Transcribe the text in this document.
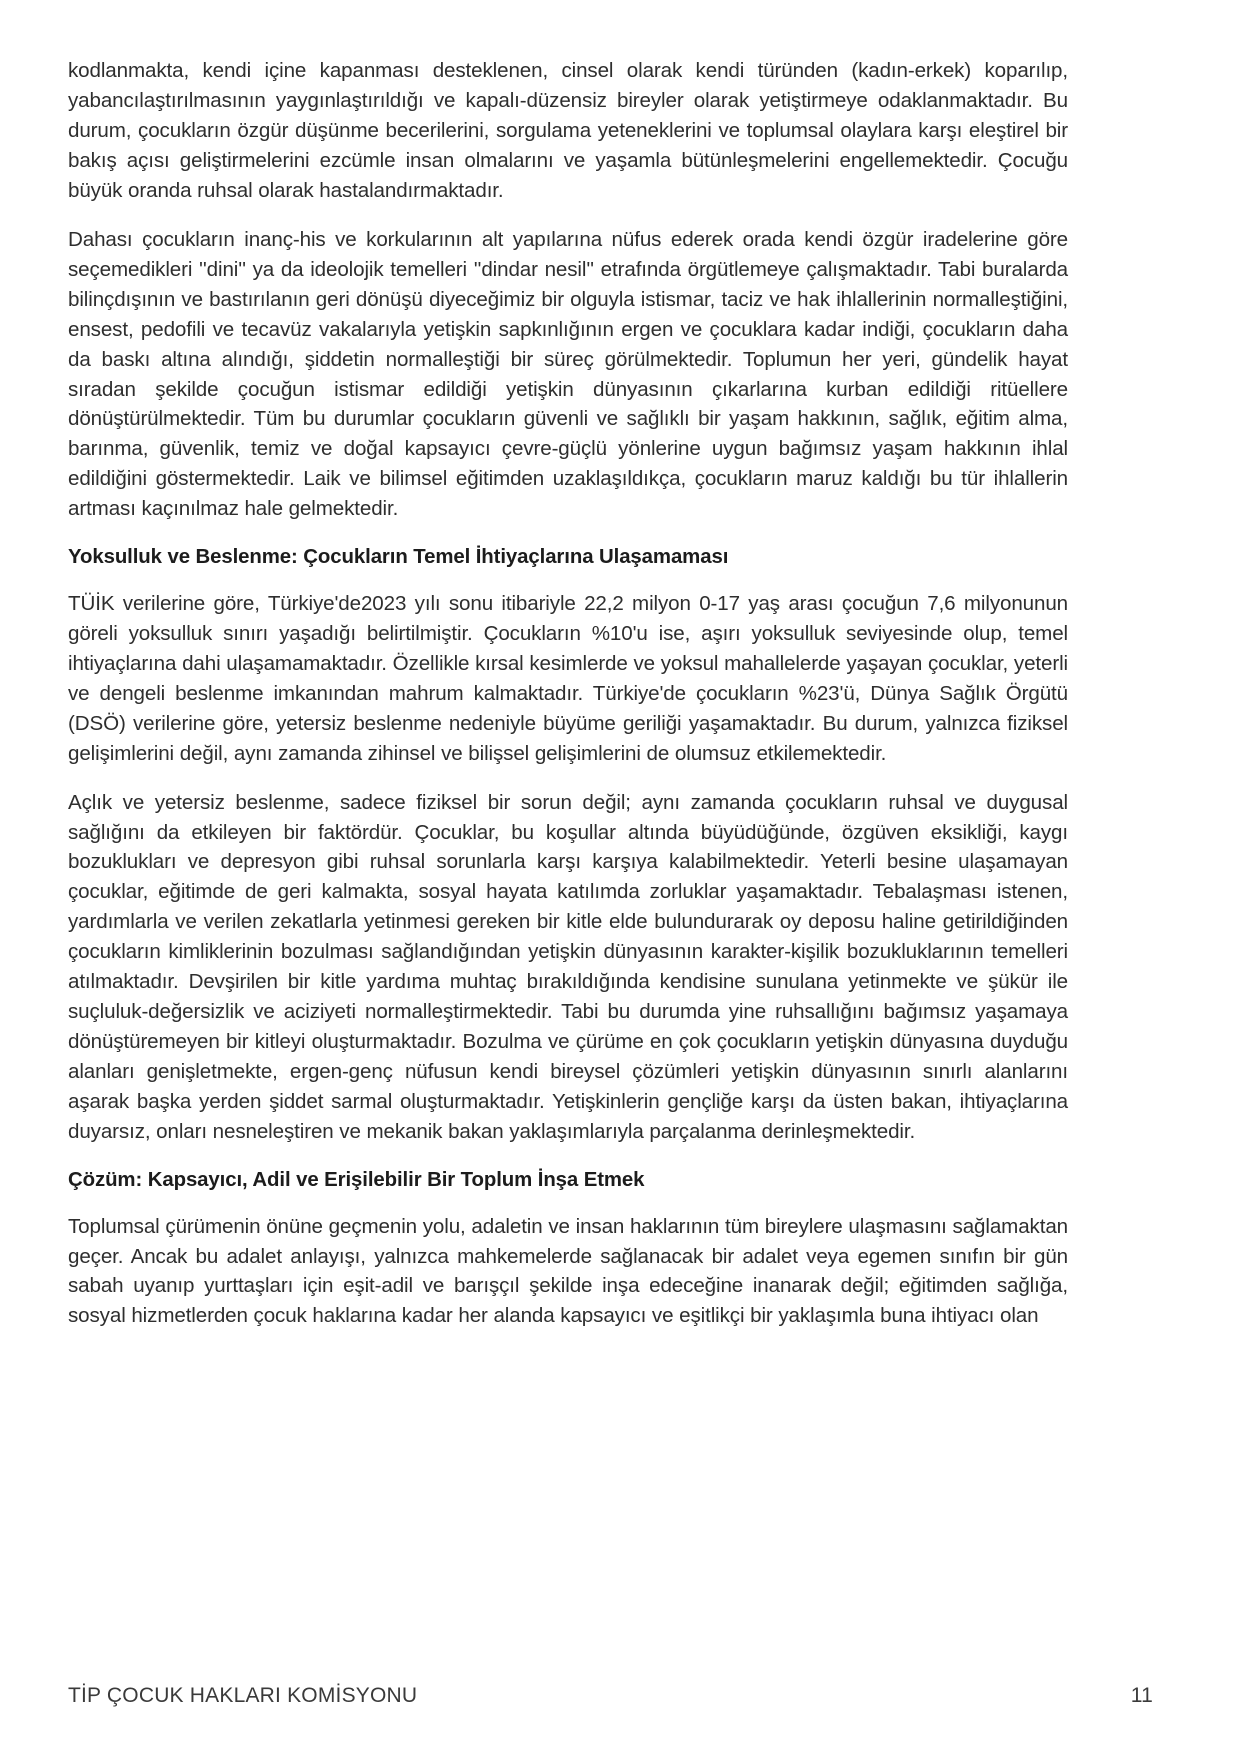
kodlanmakta, kendi içine kapanması desteklenen, cinsel olarak kendi türünden (kadın-erkek) koparılıp, yabancılaştırılmasının yaygınlaştırıldığı ve kapalı-düzensiz bireyler olarak yetiştirmeye odaklanmaktadır. Bu durum, çocukların özgür düşünme becerilerini, sorgulama yeteneklerini ve toplumsal olaylara karşı eleştirel bir bakış açısı geliştirmelerini ezcümle insan olmalarını ve yaşamla bütünleşmelerini engellemektedir. Çocuğu büyük oranda ruhsal olarak hastalandırmaktadır.

Dahası çocukların inanç-his ve korkularının alt yapılarına nüfus ederek orada kendi özgür iradelerine göre seçemedikleri ''dini'' ya da ideolojik temelleri ''dindar nesil'' etrafında örgütlemeye çalışmaktadır. Tabi buralarda bilinçdışının ve bastırılanın geri dönüşü diyeceğimiz bir olguyla istismar, taciz ve hak ihlallerinin normalleştiğini, ensest, pedofili ve tecavüz vakalarıyla yetişkin sapkınlığının ergen ve çocuklara kadar indiği, çocukların daha da baskı altına alındığı, şiddetin normalleştiği bir süreç görülmektedir. Toplumun her yeri, gündelik hayat sıradan şekilde çocuğun istismar edildiği yetişkin dünyasının çıkarlarına kurban edildiği ritüellere dönüştürülmektedir. Tüm bu durumlar çocukların güvenli ve sağlıklı bir yaşam hakkının, sağlık, eğitim alma, barınma, güvenlik, temiz ve doğal kapsayıcı çevre-güçlü yönlerine uygun bağımsız yaşam hakkının ihlal edildiğini göstermektedir. Laik ve bilimsel eğitimden uzaklaşıldıkça, çocukların maruz kaldığı bu tür ihlallerin artması kaçınılmaz hale gelmektedir.

Yoksulluk ve Beslenme: Çocukların Temel İhtiyaçlarına Ulaşamaması

TÜİK verilerine göre, Türkiye'de2023 yılı sonu itibariyle 22,2 milyon 0-17 yaş arası çocuğun 7,6 milyonunun göreli yoksulluk sınırı yaşadığı belirtilmiştir. Çocukların %10'u ise, aşırı yoksulluk seviyesinde olup, temel ihtiyaçlarına dahi ulaşamamaktadır. Özellikle kırsal kesimlerde ve yoksul mahallelerde yaşayan çocuklar, yeterli ve dengeli beslenme imkanından mahrum kalmaktadır. Türkiye'de çocukların %23'ü, Dünya Sağlık Örgütü (DSÖ) verilerine göre, yetersiz beslenme nedeniyle büyüme geriliği yaşamaktadır. Bu durum, yalnızca fiziksel gelişimlerini değil, aynı zamanda zihinsel ve bilişsel gelişimlerini de olumsuz etkilemektedir.

Açlık ve yetersiz beslenme, sadece fiziksel bir sorun değil; aynı zamanda çocukların ruhsal ve duygusal sağlığını da etkileyen bir faktördür. Çocuklar, bu koşullar altında büyüdüğünde, özgüven eksikliği, kaygı bozuklukları ve depresyon gibi ruhsal sorunlarla karşı karşıya kalabilmektedir. Yeterli besine ulaşamayan çocuklar, eğitimde de geri kalmakta, sosyal hayata katılımda zorluklar yaşamaktadır. Tebalaşması istenen, yardımlarla ve verilen zekatlarla yetinmesi gereken bir kitle elde bulundurarak oy deposu haline getirildiğinden çocukların kimliklerinin bozulması sağlandığından yetişkin dünyasının karakter-kişilik bozukluklarının temelleri atılmaktadır. Devşirilen bir kitle yardıma muhtaç bırakıldığında kendisine sunulana yetinmekte ve şükür ile suçluluk-değersizlik ve aciziyeti normalleştirmektedir. Tabi bu durumda yine ruhsallığını bağımsız yaşamaya dönüştüremeyen bir kitleyi oluşturmaktadır. Bozulma ve çürüme en çok çocukların yetişkin dünyasına duyduğu alanları genişletmekte, ergen-genç nüfusun kendi bireysel çözümleri yetişkin dünyasının sınırlı alanlarını aşarak başka yerden şiddet sarmal oluşturmaktadır. Yetişkinlerin gençliğe karşı da üsten bakan, ihtiyaçlarına duyarsız, onları nesneleştiren ve mekanik bakan yaklaşımlarıyla parçalanma derinleşmektedir.

Çözüm: Kapsayıcı, Adil ve Erişilebilir Bir Toplum İnşa Etmek

Toplumsal çürümenin önüne geçmenin yolu, adaletin ve insan haklarının tüm bireylere ulaşmasını sağlamaktan geçer. Ancak bu adalet anlayışı, yalnızca mahkemelerde sağlanacak bir adalet veya egemen sınıfın bir gün sabah uyanıp yurttaşları için eşit-adil ve barışçıl şekilde inşa edeceğine inanarak değil; eğitimden sağlığa, sosyal hizmetlerden çocuk haklarına kadar her alanda kapsayıcı ve eşitlikçi bir yaklaşımla buna ihtiyacı olan

TİP ÇOCUK HAKLARI KOMİSYONU	11
